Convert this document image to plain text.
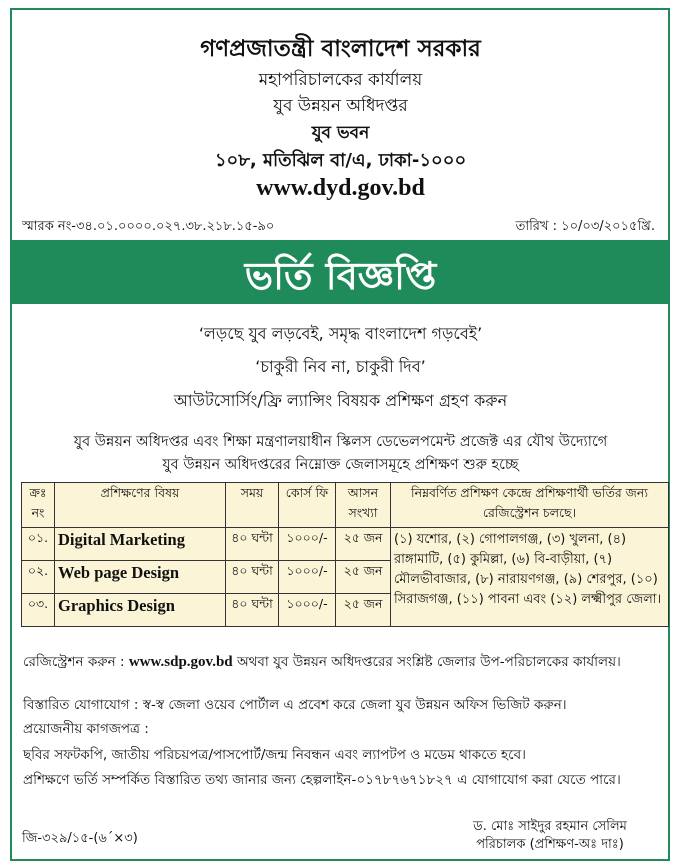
গণপ্রজাতন্ত্রী বাংলাদেশ সরকার
মহাপরিচালকের কার্যালয়
যুব উন্নয়ন অধিদপ্তর
যুব ভবন
১০৮, মতিঝিল বা/এ, ঢাকা-১০০০
www.dyd.gov.bd
স্মারক নং-৩৪.০১.০০০০.০২৭.৩৮.২১৮.১৫-৯০	তারিখ : ১০/০৩/২০১৫খ্রি.
ভর্তি বিজ্ঞপ্তি
‘লড়ছে যুব লড়বেই, সমৃদ্ধ বাংলাদেশ গড়বেই’
‘চাকুরী নিব না, চাকুরী দিব’
আউটসোর্সিং/ফ্রি ল্যান্সিং বিষয়ক প্রশিক্ষণ গ্রহণ করুন
যুব উন্নয়ন অধিদপ্তর এবং শিক্ষা মন্ত্রণালয়াধীন স্কিলস ডেভেলপমেন্ট প্রজেক্ট এর যৌথ উদ্যোগে
যুব উন্নয়ন অধিদপ্তরের নিম্নোক্ত জেলাসমূহে প্রশিক্ষণ শুরু হচ্ছে
ক্রঃ নং	প্রশিক্ষণের বিষয়	সময়	কোর্স ফি	আসন সংখ্যা	নিম্নবর্ণিত প্রশিক্ষণ কেন্দ্রে প্রশিক্ষণার্থী ভর্তির জন্য রেজিস্ট্রেশন চলছে।
০১.	Digital Marketing	৪০ ঘন্টা	১০০০/-	২৫ জন	(১) যশোর, (২) গোপালগঞ্জ, (৩) খুলনা, (৪) রাঙ্গামাটি, (৫) কুমিল্লা, (৬) বি-বাড়ীয়া, (৭) মৌলভীবাজার, (৮) নারায়ণগঞ্জ, (৯) শেরপুর, (১০) সিরাজগঞ্জ, (১১) পাবনা এবং (১২) লক্ষ্মীপুর জেলা।
০২.	Web page Design	৪০ ঘন্টা	১০০০/-	২৫ জন	
০৩.	Graphics Design	৪০ ঘন্টা	১০০০/-	২৫ জন	
রেজিস্ট্রেশন করুন : www.sdp.gov.bd অথবা যুব উন্নয়ন অধিদপ্তরের সংশ্লিষ্ট জেলার উপ-পরিচালকের কার্যালয়।
বিস্তারিত যোগাযোগ : স্ব-স্ব জেলা ওয়েব পোর্টাল এ প্রবেশ করে জেলা যুব উন্নয়ন অফিস ভিজিট করুন।
প্রয়োজনীয় কাগজপত্র :
ছবির সফটকপি, জাতীয় পরিচয়পত্র/পাসপোর্ট/জন্ম নিবন্ধন এবং ল্যাপটপ ও মডেম থাকতে হবে।
প্রশিক্ষণে ভর্তি সম্পর্কিত বিস্তারিত তথ্য জানার জন্য হেল্পলাইন-০১৭৮৭৬৭১৮২৭ এ যোগাযোগ করা যেতে পারে।
জি-৩২৯/১৫-(৬´×৩)
ড. মোঃ সাইদুর রহমান সেলিম
পরিচালক (প্রশিক্ষণ-অঃ দাঃ)
